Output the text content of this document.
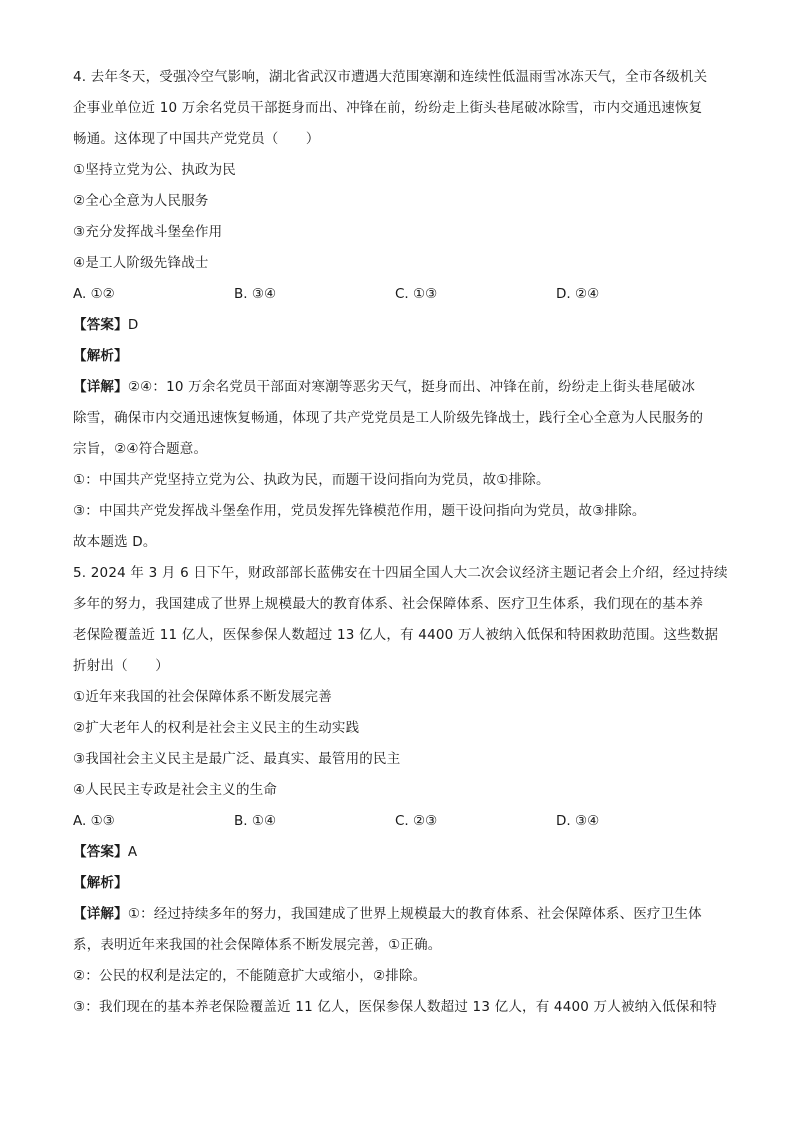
4. 去年冬天，受强冷空气影响，湖北省武汉市遭遇大范围寒潮和连续性低温雨雪冰冻天气，全市各级机关
企事业单位近 10 万余名党员干部挺身而出、冲锋在前，纷纷走上街头巷尾破冰除雪，市内交通迅速恢复
畅通。这体现了中国共产党党员（　　）
①坚持立党为公、执政为民
②全心全意为人民服务
③充分发挥战斗堡垒作用
④是工人阶级先锋战士
A. ①②	B. ③④	C. ①③	D. ②④
【答案】D
【解析】
【详解】②④：10 万余名党员干部面对寒潮等恶劣天气，挺身而出、冲锋在前，纷纷走上街头巷尾破冰
除雪，确保市内交通迅速恢复畅通，体现了共产党党员是工人阶级先锋战士，践行全心全意为人民服务的
宗旨，②④符合题意。
①：中国共产党坚持立党为公、执政为民，而题干设问指向为党员，故①排除。
③：中国共产党发挥战斗堡垒作用，党员发挥先锋模范作用，题干设问指向为党员，故③排除。
故本题选 D。
5. 2024 年 3 月 6 日下午，财政部部长蓝佛安在十四届全国人大二次会议经济主题记者会上介绍，经过持续
多年的努力，我国建成了世界上规模最大的教育体系、社会保障体系、医疗卫生体系，我们现在的基本养
老保险覆盖近 11 亿人，医保参保人数超过 13 亿人，有 4400 万人被纳入低保和特困救助范围。这些数据
折射出（　　）
①近年来我国的社会保障体系不断发展完善
②扩大老年人的权利是社会主义民主的生动实践
③我国社会主义民主是最广泛、最真实、最管用的民主
④人民民主专政是社会主义的生命
A. ①③	B. ①④	C. ②③	D. ③④
【答案】A
【解析】
【详解】①：经过持续多年的努力，我国建成了世界上规模最大的教育体系、社会保障体系、医疗卫生体
系，表明近年来我国的社会保障体系不断发展完善，①正确。
②：公民的权利是法定的，不能随意扩大或缩小，②排除。
③：我们现在的基本养老保险覆盖近 11 亿人，医保参保人数超过 13 亿人，有 4400 万人被纳入低保和特
